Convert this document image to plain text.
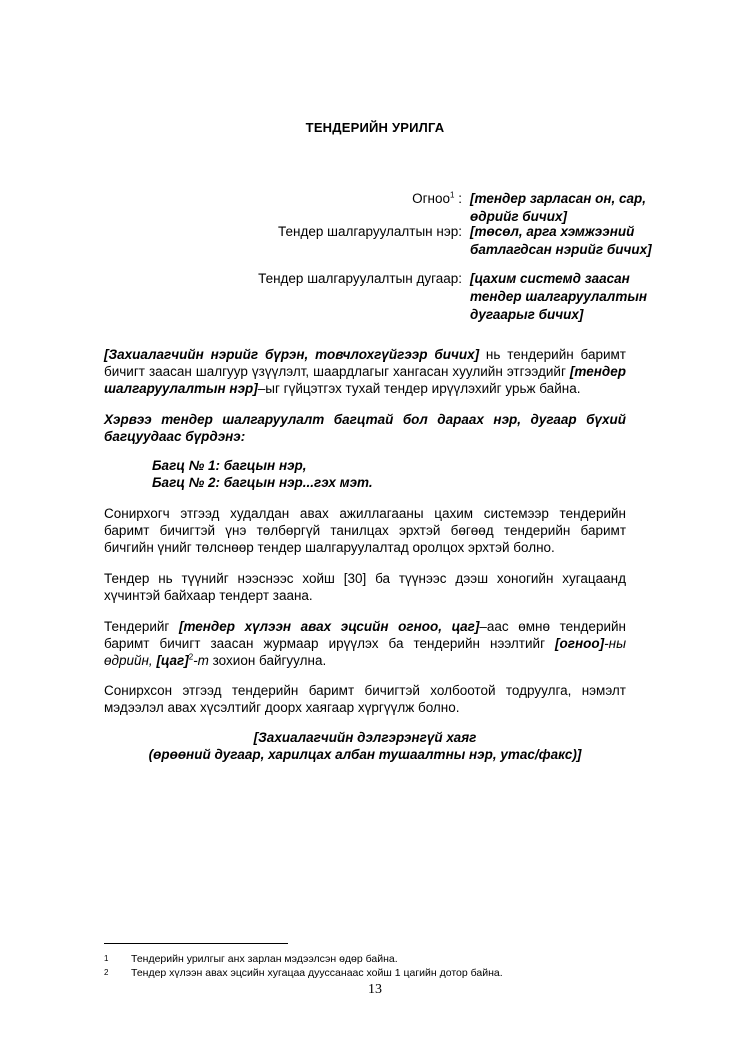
ТЕНДЕРИЙН УРИЛГА
Огноо$^1$ : [тендер зарласан он, сар,
өдрийг бичих]
Тендер шалгаруулалтын нэр: [төсөл, арга хэмжээний
батлагдсан нэрийг бичих]
Тендер шалгаруулалтын дугаар: [цахим системд заасан
тендер шалгаруулалтын
дугаарыг бичих]

[Захиалагчийн нэрийг бүрэн, товчлохгүйгээр бичих] нь тендерийн баримт бичигт заасан шалгуур үзүүлэлт, шаардлагыг хангасан хуулийн этгээдийг [тендер шалгаруулалтын нэр]–ыг гүйцэтгэх тухай тендер ирүүлэхийг урьж байна.

Хэрвээ тендер шалгаруулалт багцтай бол дараах нэр, дугаар бүхий багцуудаас бүрдэнэ:

Багц № 1: багцын нэр,
Багц № 2: багцын нэр...гэх мэт.

Сонирхогч этгээд худалдан авах ажиллагааны цахим системээр тендерийн баримт бичигтэй үнэ төлбөргүй танилцах эрхтэй бөгөөд тендерийн баримт бичгийн үнийг төлснөөр тендер шалгаруулалтад оролцох эрхтэй болно.

Тендер нь түүнийг нээснээс хойш [30] ба түүнээс дээш хоногийн хугацаанд хүчинтэй байхаар тендерт заана.

Тендерийг [тендер хүлээн авах эцсийн огноо, цаг]–аас өмнө тендерийн баримт бичигт заасан журмаар ирүүлэх ба тендерийн нээлтийг [огноо]-ны өдрийн, [цаг]$^2$-т зохион байгуулна.

Сонирхсон этгээд тендерийн баримт бичигтэй холбоотой тодруулга, нэмэлт мэдээлэл авах хүсэлтийг доорх хаягаар хүргүүлж болно.

[Захиалагчийн дэлгэрэнгүй хаяг
(өрөөний дугаар, харилцах албан тушаалтны нэр, утас/факс)]
1	Тендерийн урилгыг анх зарлан мэдээлсэн өдөр байна.
2	Тендер хүлээн авах эцсийн хугацаа дууссанаас хойш 1 цагийн дотор байна.
13
